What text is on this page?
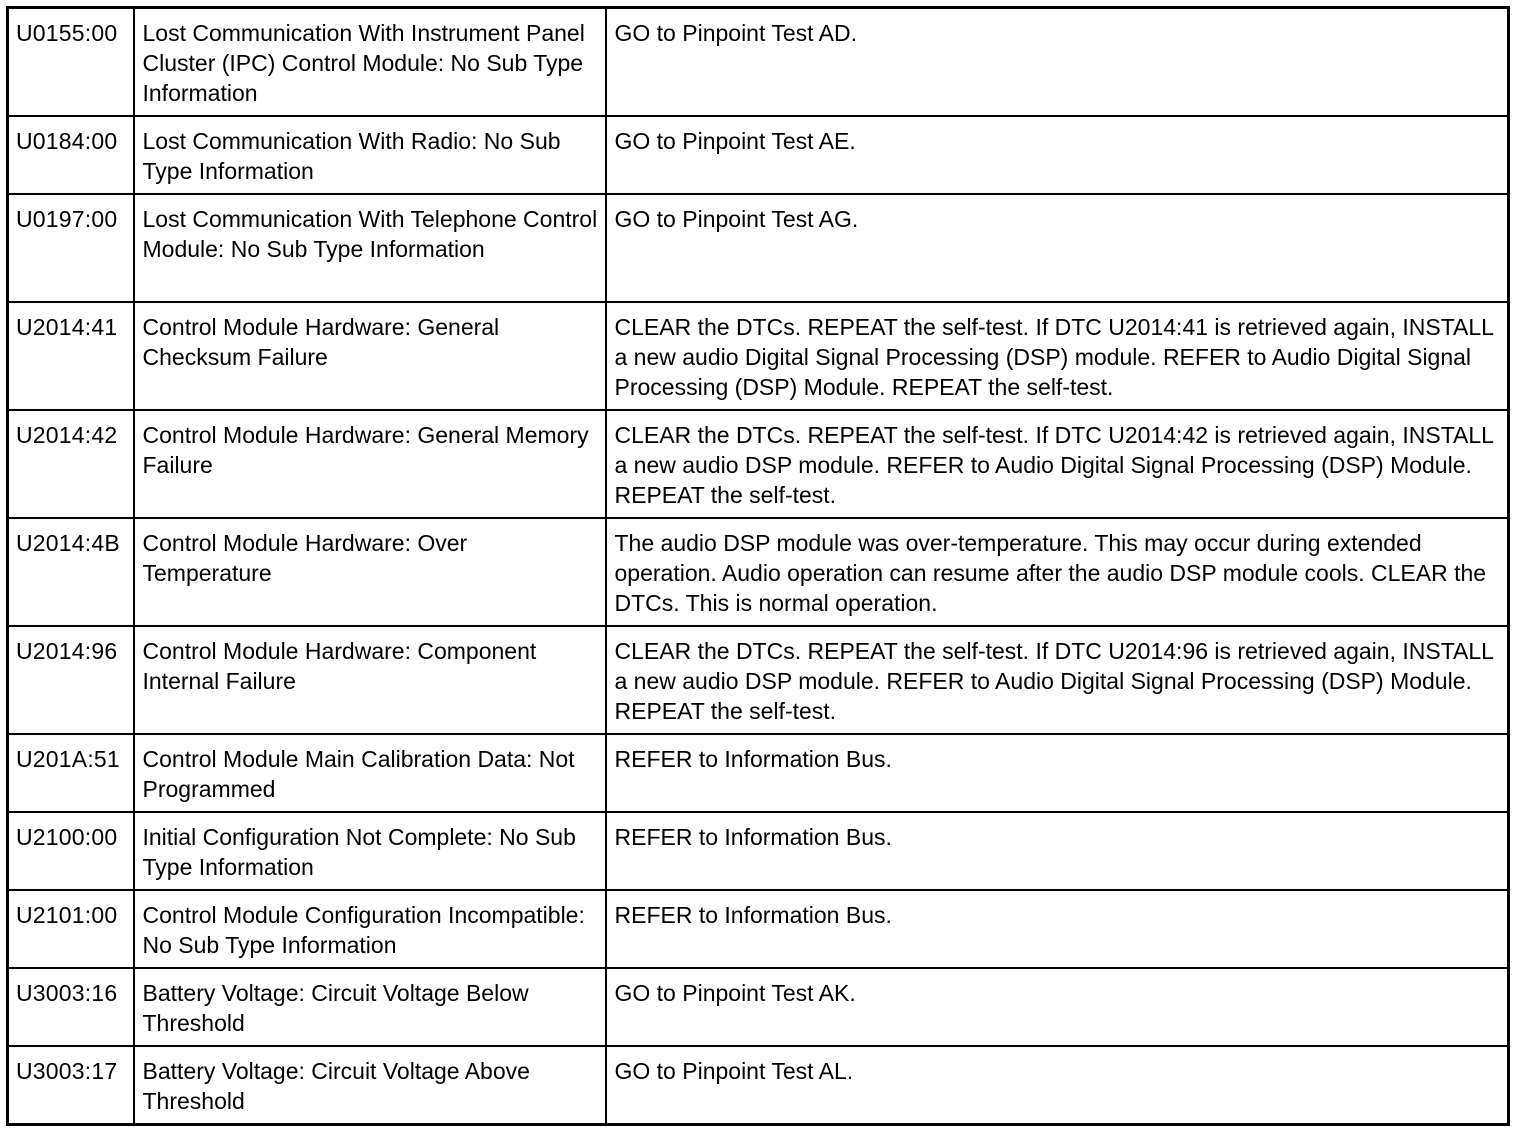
U0155:00	Lost Communication With Instrument Panel Cluster (IPC) Control Module: No Sub Type Information	GO to Pinpoint Test AD.
U0184:00	Lost Communication With Radio: No Sub Type Information	GO to Pinpoint Test AE.
U0197:00	Lost Communication With Telephone Control Module: No Sub Type Information	GO to Pinpoint Test AG.
U2014:41	Control Module Hardware: General Checksum Failure	CLEAR the DTCs. REPEAT the self-test. If DTC U2014:41 is retrieved again, INSTALL a new audio Digital Signal Processing (DSP) module. REFER to Audio Digital Signal Processing (DSP) Module. REPEAT the self-test.
U2014:42	Control Module Hardware: General Memory Failure	CLEAR the DTCs. REPEAT the self-test. If DTC U2014:42 is retrieved again, INSTALL a new audio DSP module. REFER to Audio Digital Signal Processing (DSP) Module. REPEAT the self-test.
U2014:4B	Control Module Hardware: Over Temperature	The audio DSP module was over-temperature. This may occur during extended operation. Audio operation can resume after the audio DSP module cools. CLEAR the DTCs. This is normal operation.
U2014:96	Control Module Hardware: Component Internal Failure	CLEAR the DTCs. REPEAT the self-test. If DTC U2014:96 is retrieved again, INSTALL a new audio DSP module. REFER to Audio Digital Signal Processing (DSP) Module. REPEAT the self-test.
U201A:51	Control Module Main Calibration Data: Not Programmed	REFER to Information Bus.
U2100:00	Initial Configuration Not Complete: No Sub Type Information	REFER to Information Bus.
U2101:00	Control Module Configuration Incompatible: No Sub Type Information	REFER to Information Bus.
U3003:16	Battery Voltage: Circuit Voltage Below Threshold	GO to Pinpoint Test AK.
U3003:17	Battery Voltage: Circuit Voltage Above Threshold	GO to Pinpoint Test AL.
